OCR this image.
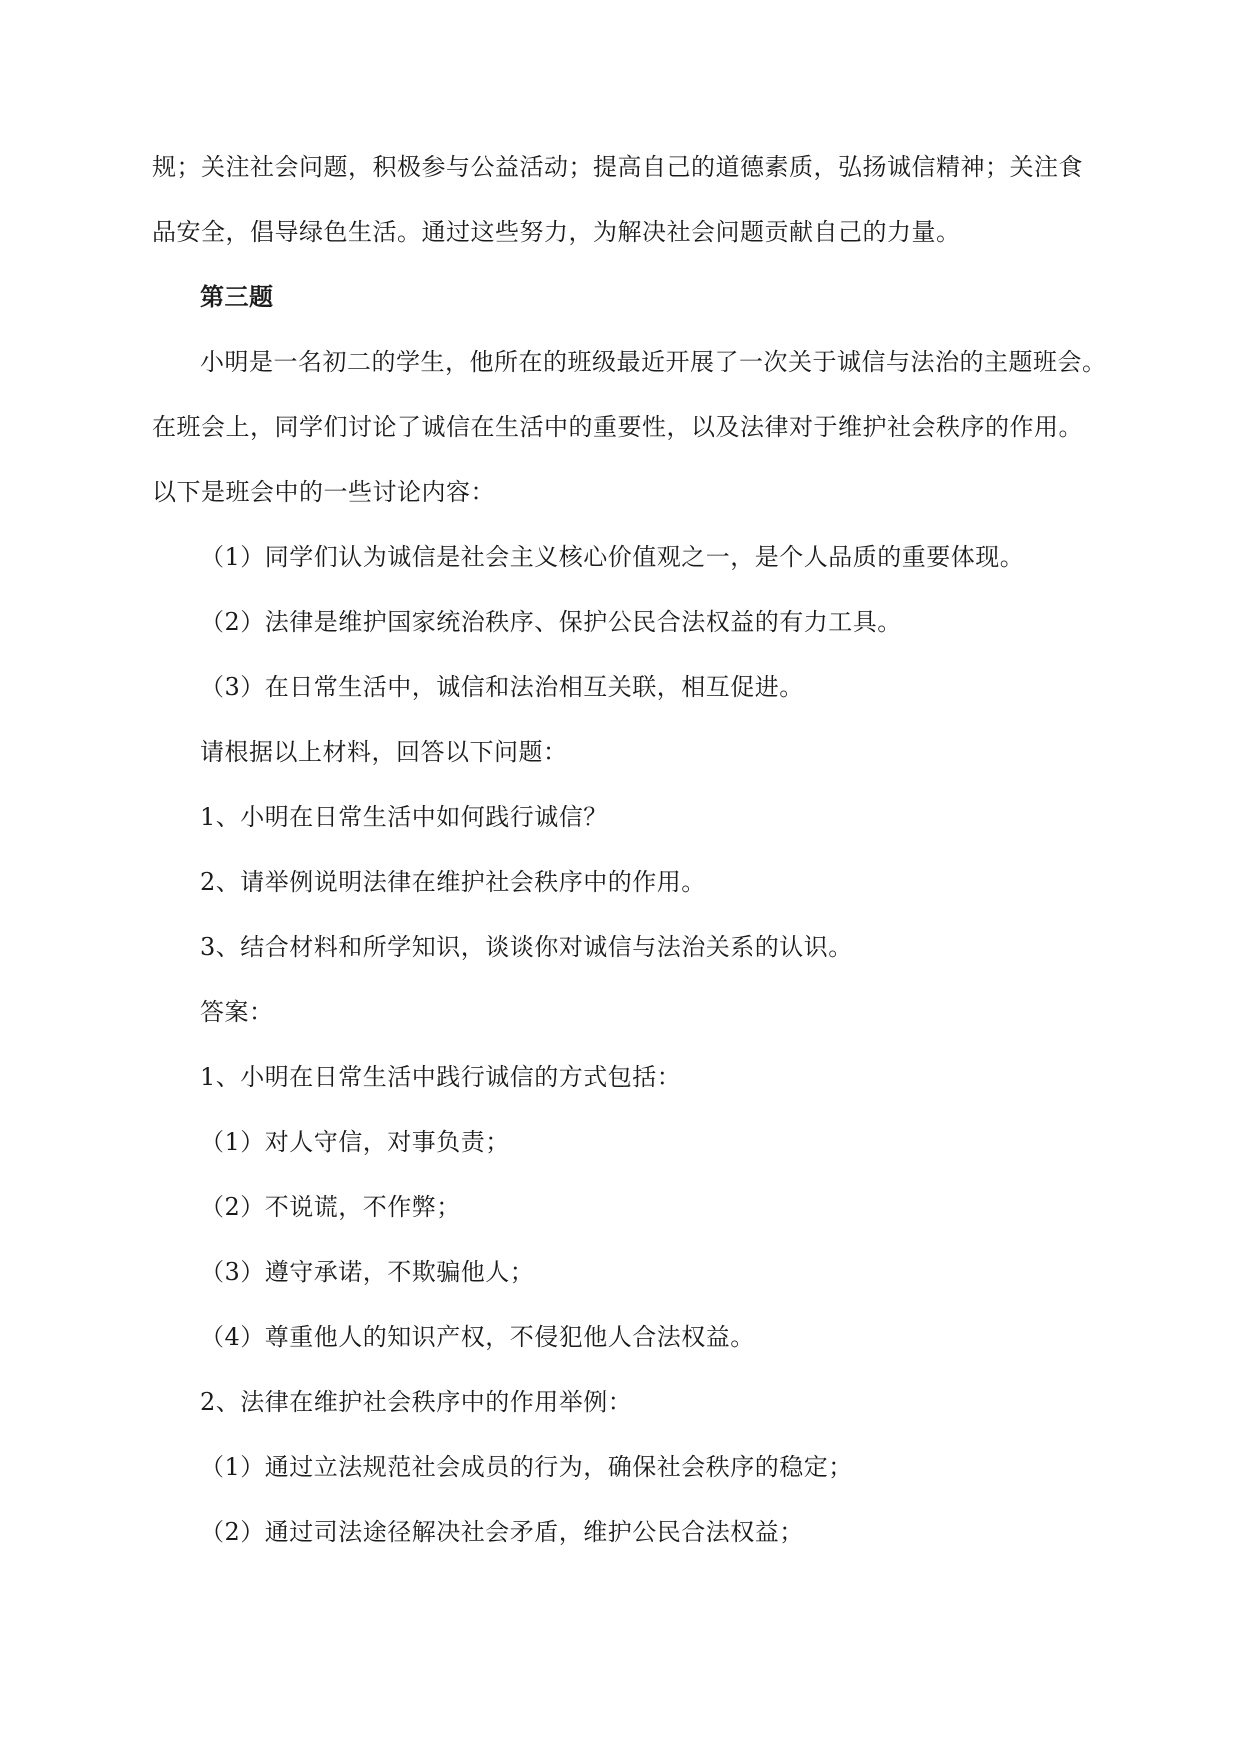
规；关注社会问题，积极参与公益活动；提高自己的道德素质，弘扬诚信精神；关注食
品安全，倡导绿色生活。通过这些努力，为解决社会问题贡献自己的力量。
第三题
小明是一名初二的学生，他所在的班级最近开展了一次关于诚信与法治的主题班会。
在班会上，同学们讨论了诚信在生活中的重要性，以及法律对于维护社会秩序的作用。
以下是班会中的一些讨论内容：
（1）同学们认为诚信是社会主义核心价值观之一，是个人品质的重要体现。
（2）法律是维护国家统治秩序、保护公民合法权益的有力工具。
（3）在日常生活中，诚信和法治相互关联，相互促进。
请根据以上材料，回答以下问题：
1、小明在日常生活中如何践行诚信？
2、请举例说明法律在维护社会秩序中的作用。
3、结合材料和所学知识，谈谈你对诚信与法治关系的认识。
答案：
1、小明在日常生活中践行诚信的方式包括：
（1）对人守信，对事负责；
（2）不说谎，不作弊；
（3）遵守承诺，不欺骗他人；
（4）尊重他人的知识产权，不侵犯他人合法权益。
2、法律在维护社会秩序中的作用举例：
（1）通过立法规范社会成员的行为，确保社会秩序的稳定；
（2）通过司法途径解决社会矛盾，维护公民合法权益；
